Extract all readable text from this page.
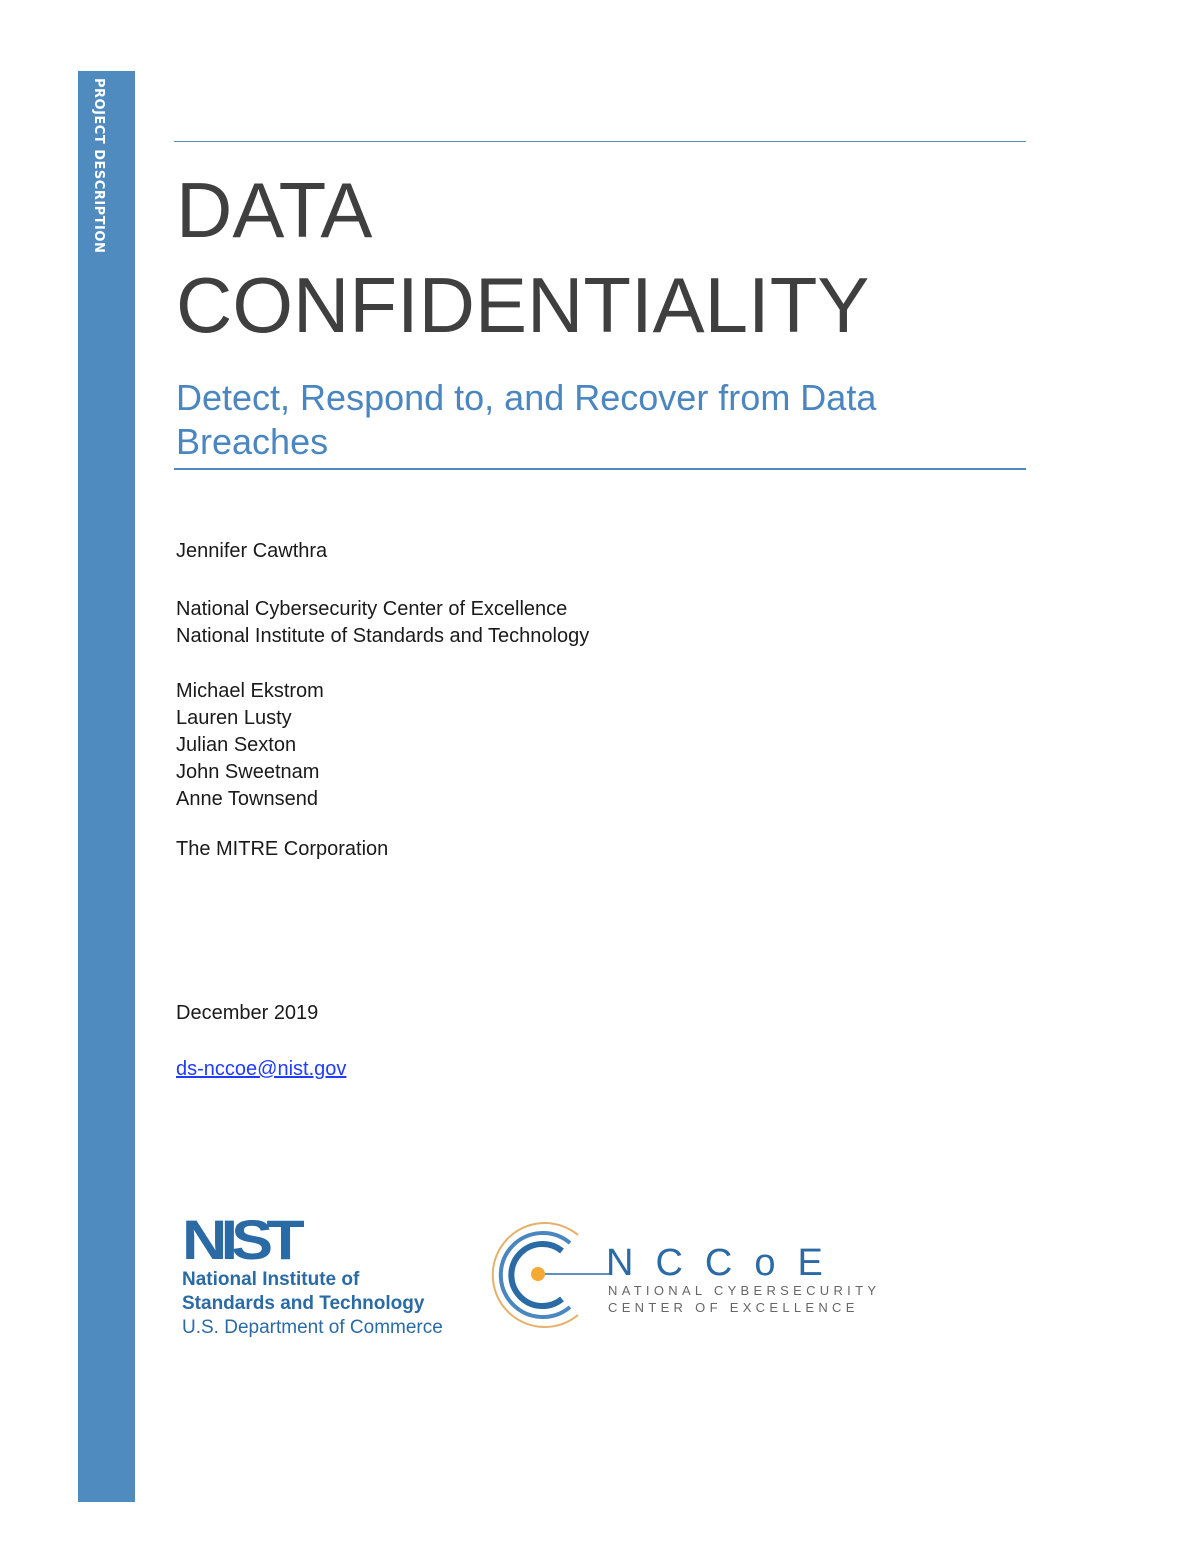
PROJECT DESCRIPTION DATA
CONFIDENTIALITY
Detect, Respond to, and Recover from Data Breaches
Jennifer Cawthra
National Cybersecurity Center of Excellence
National Institute of Standards and Technology
Michael Ekstrom
Lauren Lusty
Julian Sexton
John Sweetnam
Anne Townsend
The MITRE Corporation
December 2019
ds-nccoe@nist.gov
NIST
National Institute of
Standards and Technology
U.S. Department of Commerce
NCCoE
NATIONAL CYBERSECURITY
CENTER OF EXCELLENCE
